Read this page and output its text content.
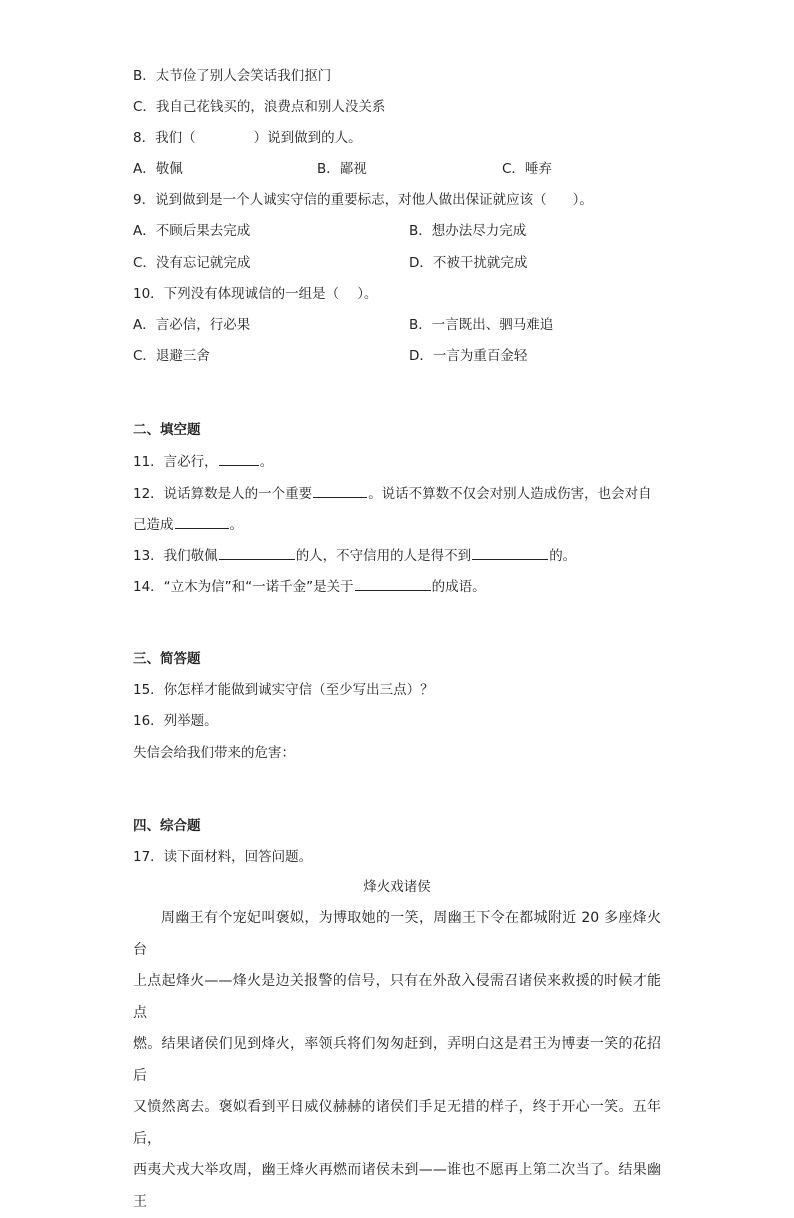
B．太节俭了别人会笑话我们抠门
C．我自己花钱买的，浪费点和别人没关系
8．我们（	）说到做到的人。
A．敬佩	B．鄙视	C．唾弃
9．说到做到是一个人诚实守信的重要标志，对他人做出保证就应该（ ）。
A．不顾后果去完成	B．想办法尽力完成
C．没有忘记就完成	D．不被干扰就完成
10．下列没有体现诚信的一组是（ ）。
A．言必信，行必果	B．一言既出、驷马难追
C．退避三舍	D．一言为重百金轻
二、填空题
11．言必行，	。
12．说话算数是人的一个重要	。说话不算数不仅会对别人造成伤害，也会对自
己造成	。
13．我们敬佩	的人，不守信用的人是得不到	的。
14．“立木为信”和“一诺千金”是关于	的成语。
三、简答题
15．你怎样才能做到诚实守信（至少写出三点）？
16．列举题。
失信会给我们带来的危害：
四、综合题
17．读下面材料，回答问题。
烽火戏诸侯
周幽王有个宠妃叫褒姒，为博取她的一笑，周幽王下令在都城附近 20 多座烽火台
上点起烽火——烽火是边关报警的信号，只有在外敌入侵需召诸侯来救援的时候才能点
燃。结果诸侯们见到烽火，率领兵将们匆匆赶到，弄明白这是君王为博妻一笑的花招后
又愤然离去。褒姒看到平日威仪赫赫的诸侯们手足无措的样子，终于开心一笑。五年后，
西夷犬戎大举攻周，幽王烽火再燃而诸侯未到——谁也不愿再上第二次当了。结果幽王
